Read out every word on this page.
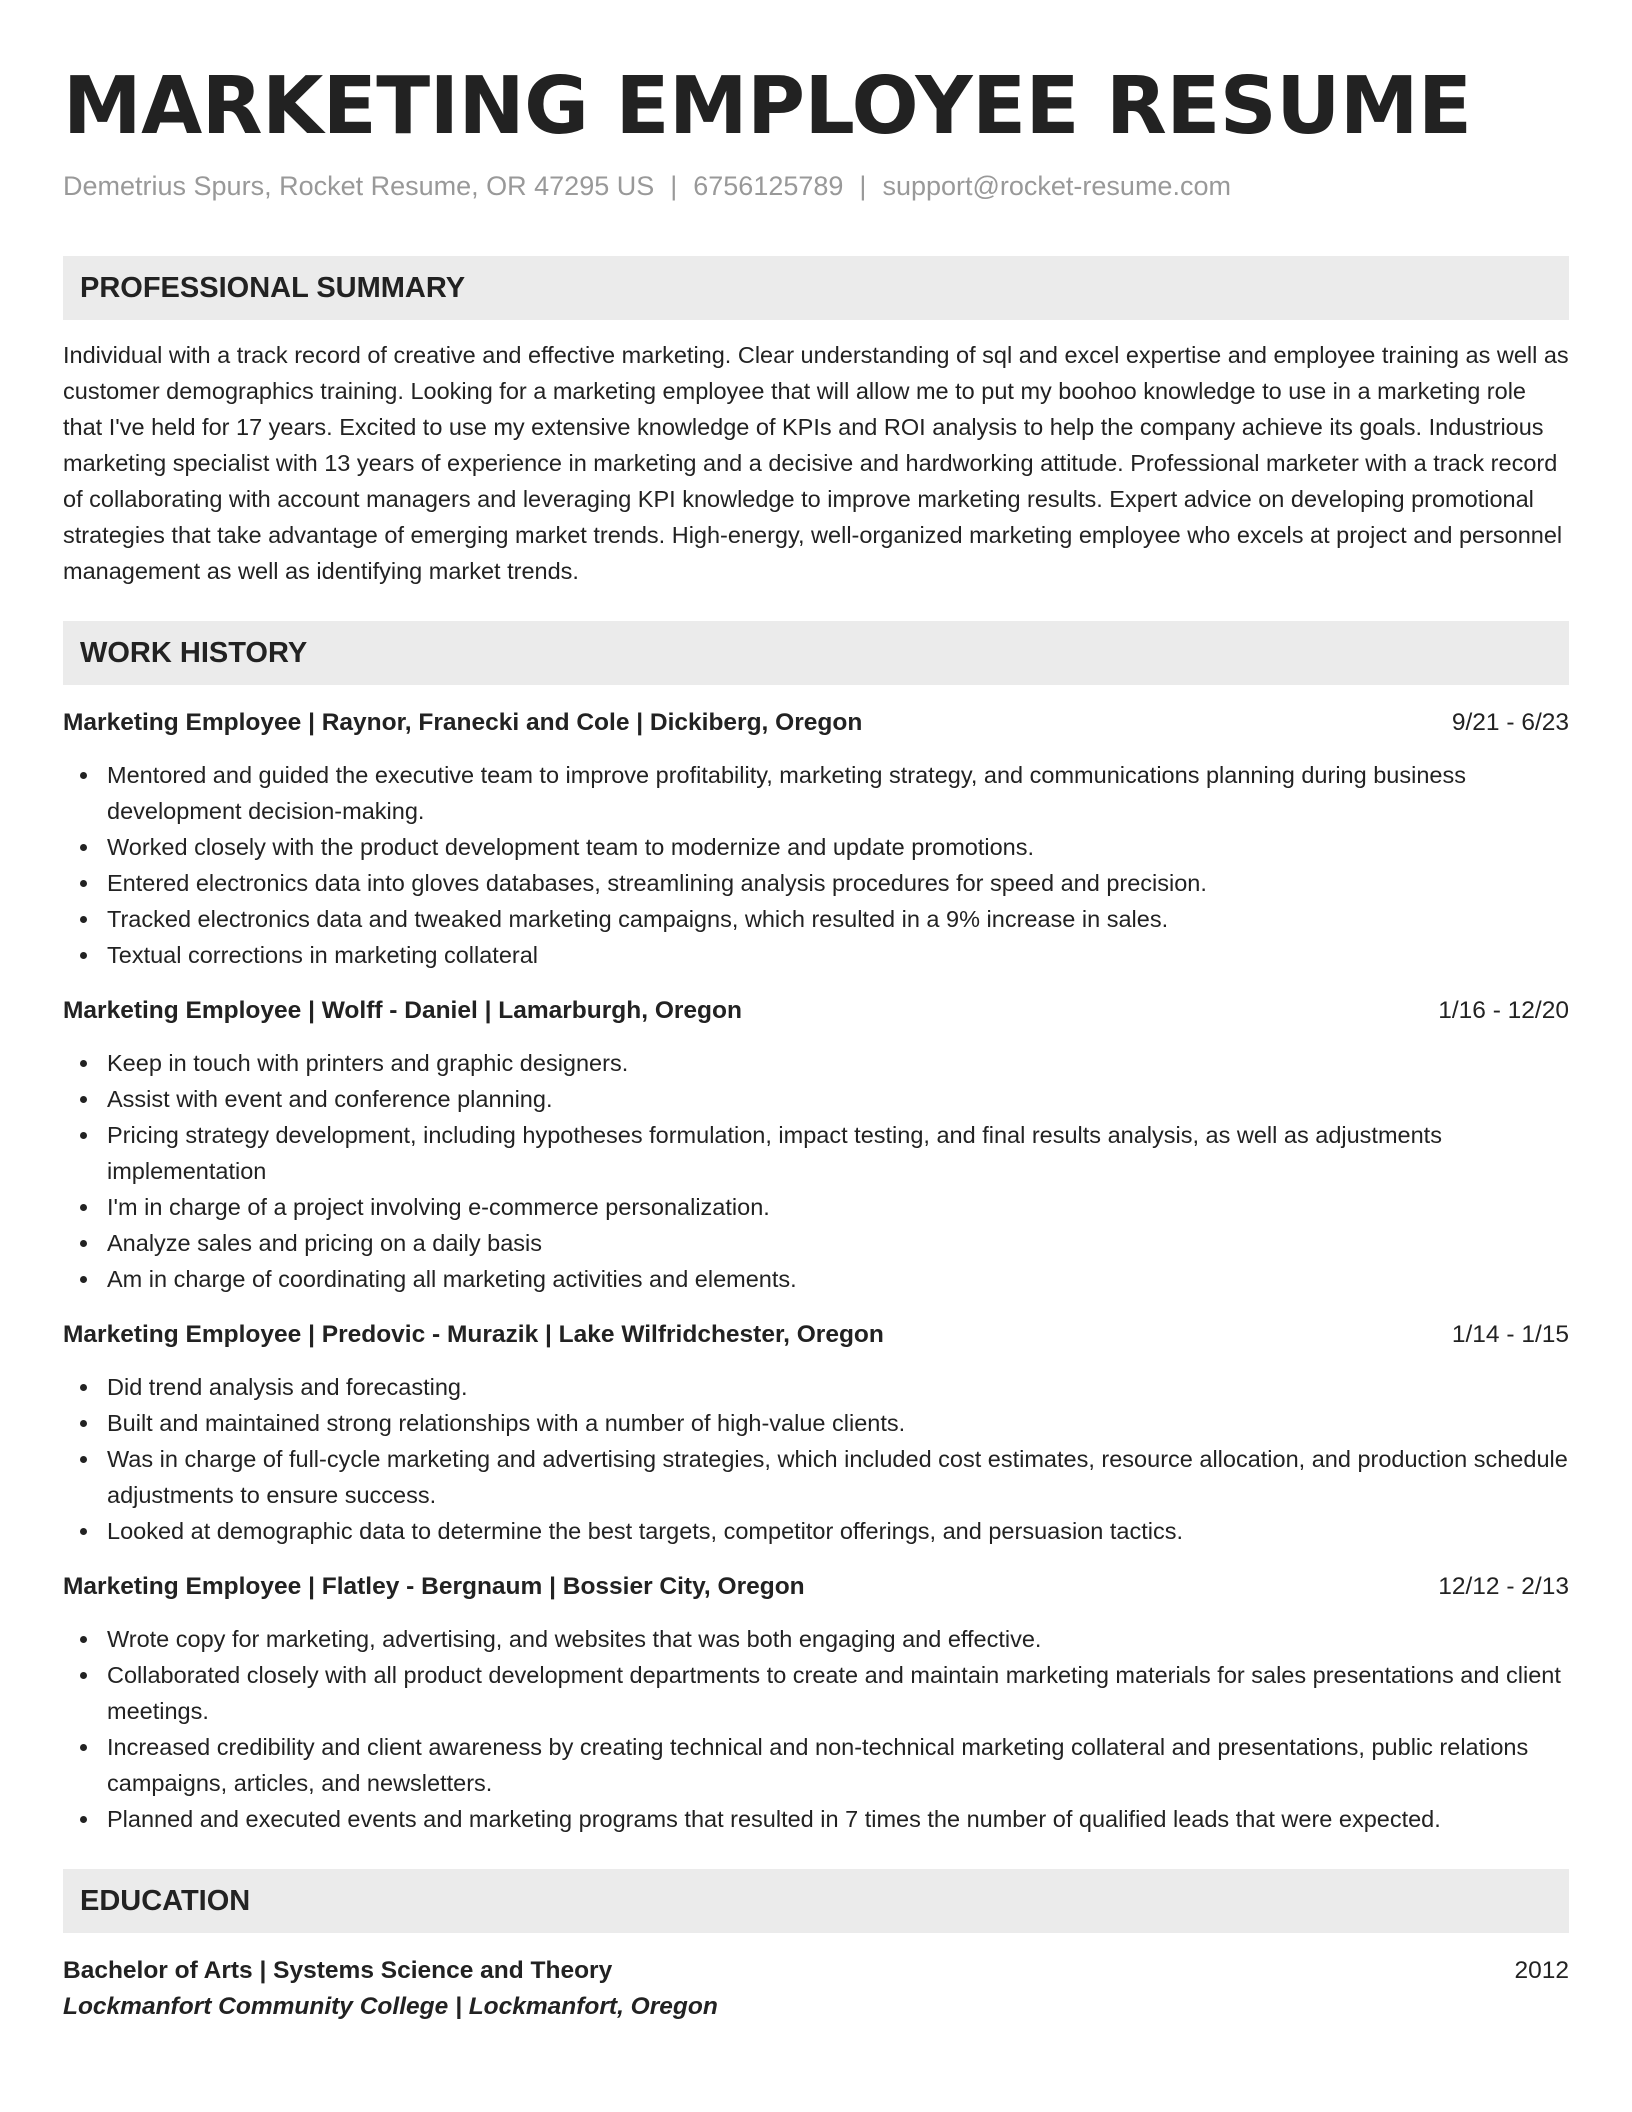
MARKETING EMPLOYEE RESUME
Demetrius Spurs, Rocket Resume, OR 47295 US | 6756125789 | support@rocket-resume.com
PROFESSIONAL SUMMARY
Individual with a track record of creative and effective marketing. Clear understanding of sql and excel expertise and employee training as well as customer demographics training. Looking for a marketing employee that will allow me to put my boohoo knowledge to use in a marketing role that I've held for 17 years. Excited to use my extensive knowledge of KPIs and ROI analysis to help the company achieve its goals. Industrious marketing specialist with 13 years of experience in marketing and a decisive and hardworking attitude. Professional marketer with a track record of collaborating with account managers and leveraging KPI knowledge to improve marketing results. Expert advice on developing promotional strategies that take advantage of emerging market trends. High-energy, well-organized marketing employee who excels at project and personnel management as well as identifying market trends.
WORK HISTORY
Marketing Employee | Raynor, Franecki and Cole | Dickiberg, Oregon	9/21 - 6/23
Mentored and guided the executive team to improve profitability, marketing strategy, and communications planning during business development decision-making.
Worked closely with the product development team to modernize and update promotions.
Entered electronics data into gloves databases, streamlining analysis procedures for speed and precision.
Tracked electronics data and tweaked marketing campaigns, which resulted in a 9% increase in sales.
Textual corrections in marketing collateral
Marketing Employee | Wolff - Daniel | Lamarburgh, Oregon	1/16 - 12/20
Keep in touch with printers and graphic designers.
Assist with event and conference planning.
Pricing strategy development, including hypotheses formulation, impact testing, and final results analysis, as well as adjustments implementation
I'm in charge of a project involving e-commerce personalization.
Analyze sales and pricing on a daily basis
Am in charge of coordinating all marketing activities and elements.
Marketing Employee | Predovic - Murazik | Lake Wilfridchester, Oregon	1/14 - 1/15
Did trend analysis and forecasting.
Built and maintained strong relationships with a number of high-value clients.
Was in charge of full-cycle marketing and advertising strategies, which included cost estimates, resource allocation, and production schedule adjustments to ensure success.
Looked at demographic data to determine the best targets, competitor offerings, and persuasion tactics.
Marketing Employee | Flatley - Bergnaum | Bossier City, Oregon	12/12 - 2/13
Wrote copy for marketing, advertising, and websites that was both engaging and effective.
Collaborated closely with all product development departments to create and maintain marketing materials for sales presentations and client meetings.
Increased credibility and client awareness by creating technical and non-technical marketing collateral and presentations, public relations campaigns, articles, and newsletters.
Planned and executed events and marketing programs that resulted in 7 times the number of qualified leads that were expected.
EDUCATION
Bachelor of Arts | Systems Science and Theory	2012
Lockmanfort Community College | Lockmanfort, Oregon
